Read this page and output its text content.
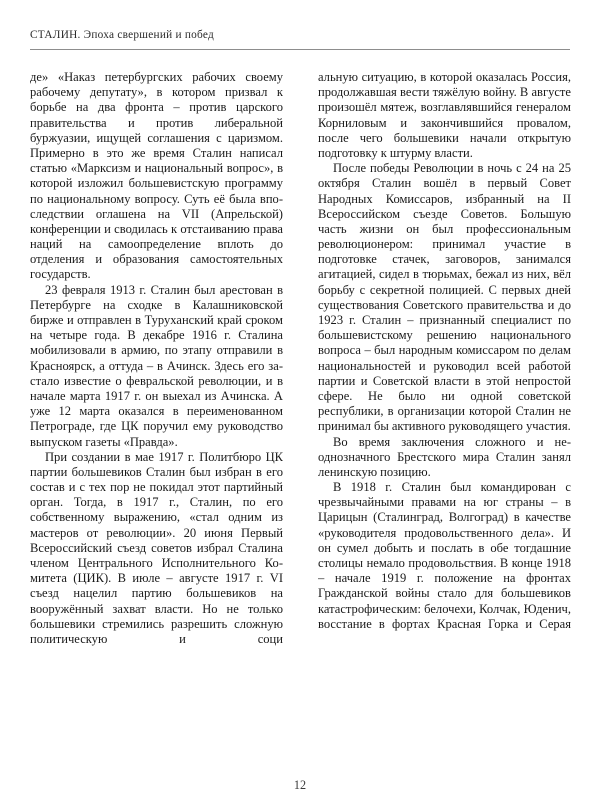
СТАЛИН. Эпоха свершений и побед

де» «Наказ петербургских рабочих своему рабочему депутату», в котором призвал к борьбе на два фронта – против царского правительства и против либеральной буржуазии, ищущей соглашения с царизмом. Примерно в это же время Сталин написал статью «Марксизм и национальный вопрос», в которой изложил большевистскую программу по национальному вопросу. Суть её была впоследствии оглашена на VII (Апрельской) конференции и сводилась к отстаиванию права наций на самоопределение вплоть до отделения и образования самостоятельных государств.

23 февраля 1913 г. Сталин был арестован в Петербурге на сходке в Калашниковской бирже и отправлен в Туруханский край сроком на четыре года. В декабре 1916 г. Сталина мобилизовали в армию, по этапу отправили в Красноярск, а оттуда – в Ачинск. Здесь его застало известие о февральской революции, и в начале марта 1917 г. он выехал из Ачинска. А уже 12 марта оказался в переименованном Петрограде, где ЦК поручил ему руководство выпуском газеты «Правда».

При создании в мае 1917 г. Политбюро ЦК партии большевиков Сталин был избран в его состав и с тех пор не покидал этот партийный орган. Тогда, в 1917 г., Сталин, по его собственному выражению, «стал одним из мастеров от революции». 20 июня Первый Всероссийский съезд советов избрал Сталина членом Центрального Исполнительного Комитета (ЦИК). В июле – августе 1917 г. VI съезд нацелил партию большевиков на вооружённый захват власти. Но не только большевики стремились разрешить сложную политическую и соци

альную ситуацию, в которой оказалась Россия, продолжавшая вести тяжёлую войну. В августе произошёл мятеж, возглавлявшийся генералом Корниловым и закончившийся провалом, после чего большевики начали открытую подготовку к штурму власти.

После победы Революции в ночь с 24 на 25 октября Сталин вошёл в первый Совет Народных Комиссаров, избранный на II Всероссийском съезде Советов. Большую часть жизни он был профессиональным революционером: принимал участие в подготовке стачек, заговоров, занимался агитацией, сидел в тюрьмах, бежал из них, вёл борьбу с секретной полицией. С первых дней существования Советского правительства и до 1923 г. Сталин – признанный специалист по большевистскому решению национального вопроса – был народным комиссаром по делам национальностей и руководил всей работой партии и Советской власти в этой непростой сфере. Не было ни одной советской республики, в организации которой Сталин не принимал бы активного руководящего участия.

Во время заключения сложного и неоднозначного Брестского мира Сталин занял ленинскую позицию.

В 1918 г. Сталин был командирован с чрезвычайными правами на юг страны – в Царицын (Сталинград, Волгоград) в качестве «руководителя продовольственного дела». И он сумел добыть и послать в обе тогдашние столицы немало продовольствия. В конце 1918 – начале 1919 г. положение на фронтах Гражданской войны стало для большевиков катастрофическим: белочехи, Колчак, Юденич, восстание в фортах Красная Горка и Серая

12
